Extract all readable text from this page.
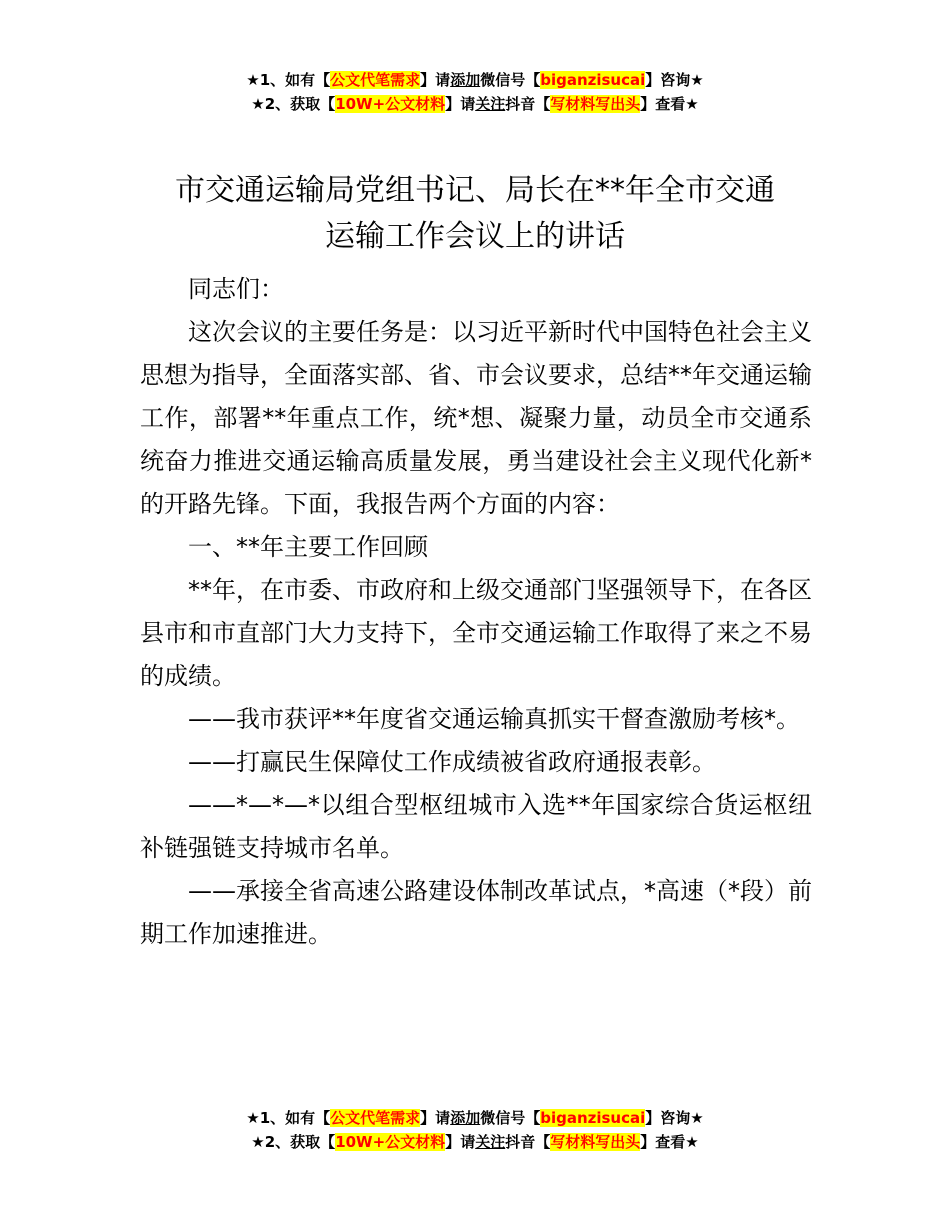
★1、如有【公文代笔需求】请添加微信号【biganzisucai】咨询★
★2、获取【10W+公文材料】请关注抖音【写材料写出头】查看★
市交通运输局党组书记、局长在**年全市交通
运输工作会议上的讲话

同志们：

这次会议的主要任务是：以习近平新时代中国特色社会主义思想为指导，全面落实部、省、市会议要求，总结**年交通运输工作，部署**年重点工作，统*想、凝聚力量，动员全市交通系统奋力推进交通运输高质量发展，勇当建设社会主义现代化新*的开路先锋。下面，我报告两个方面的内容：

一、**年主要工作回顾

**年，在市委、市政府和上级交通部门坚强领导下，在各区县市和市直部门大力支持下，全市交通运输工作取得了来之不易的成绩。

——我市获评**年度省交通运输真抓实干督查激励考核*。

——打赢民生保障仗工作成绩被省政府通报表彰。

——*—*—*以组合型枢纽城市入选**年国家综合货运枢纽补链强链支持城市名单。

——承接全省高速公路建设体制改革试点，*高速（*段）前期工作加速推进。

★1、如有【公文代笔需求】请添加微信号【biganzisucai】咨询★
★2、获取【10W+公文材料】请关注抖音【写材料写出头】查看★
